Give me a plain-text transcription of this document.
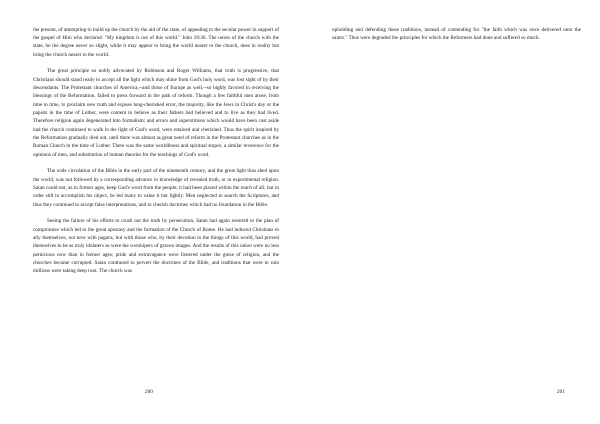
the present, of attempting to build up the church by the aid of the state, of appealing to the secular power in support of the gospel of Him who declared: "My kingdom is not of this world." John 18:36. The union of the church with the state, be the degree never so slight, while it may appear to bring the world nearer to the church, does in reality but bring the church nearer to the world.

The great principle so nobly advocated by Robinson and Roger Williams, that truth is progressive, that Christians should stand ready to accept all the light which may shine from God's holy word, was lost sight of by their descendants. The Protestant churches of America,--and those of Europe as well,--so highly favored in receiving the blessings of the Reformation, failed to press forward in the path of reform. Though a few faithful men arose, from time to time, to proclaim new truth and expose long-cherished error, the majority, like the Jews in Christ's day or the papists in the time of Luther, were content to believe as their fathers had believed and to live as they had lived. Therefore religion again degenerated into formalism; and errors and superstitions which would have been cast aside had the church continued to walk in the light of God's word, were retained and cherished. Thus the spirit inspired by the Reformation gradually died out, until there was almost as great need of reform in the Protestant churches as in the Roman Church in the time of Luther. There was the same worldliness and spiritual stupor, a similar reverence for the opinions of men, and substitution of human theories for the teachings of God's word.

The wide circulation of the Bible in the early part of the nineteenth century, and the great light thus shed upon the world, was not followed by a corresponding advance in knowledge of revealed truth, or in experimental religion. Satan could not, as in former ages, keep God's word from the people; it had been placed within the reach of all; but in order still to accomplish his object, he led many to value it but lightly. Men neglected to search the Scriptures, and thus they continued to accept false interpretations, and to cherish doctrines which had no foundation in the Bible.

Seeing the failure of his efforts to crush out the truth by persecution, Satan had again resorted to the plan of compromise which led to the great apostasy and the formation of the Church of Rome. He had induced Christians to ally themselves, not now with pagans, but with those who, by their devotion to the things of this world, had proved themselves to be as truly idolaters as were the worshipers of graven images. And the results of this union were no less pernicious now than in former ages; pride and extravagance were fostered under the guise of religion, and the churches became corrupted. Satan continued to pervert the doctrines of the Bible, and traditions that were to ruin millions were taking deep root. The church was

200

upholding and defending these traditions, instead of contending for "the faith which was once delivered unto the saints." Thus were degraded the principles for which the Reformers had done and suffered so much.

201
